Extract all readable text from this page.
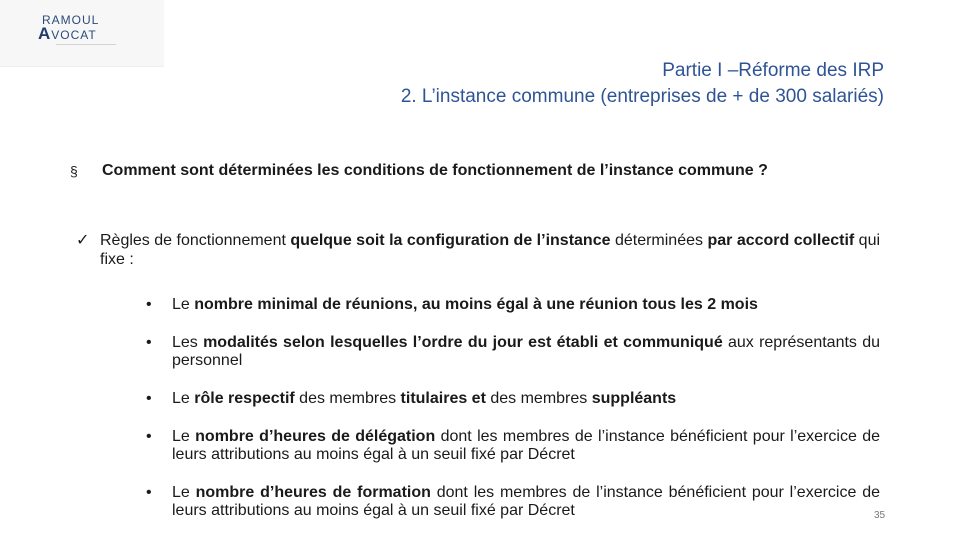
RAMOUL
AVOCAT
Partie I –Réforme des IRP
2. L’instance commune (entreprises de + de 300 salariés)
§	Comment sont déterminées les conditions de fonctionnement de l’instance commune ?
✓ Règles de fonctionnement quelque soit la configuration de l’instance déterminées par accord collectif qui fixe :
• Le nombre minimal de réunions, au moins égal à une réunion tous les 2 mois
• Les modalités selon lesquelles l’ordre du jour est établi et communiqué aux représentants du personnel
• Le rôle respectif des membres titulaires et des membres suppléants
• Le nombre d’heures de délégation dont les membres de l’instance bénéficient pour l’exercice de leurs attributions au moins égal à un seuil fixé par Décret
• Le nombre d’heures de formation dont les membres de l’instance bénéficient pour l’exercice de leurs attributions au moins égal à un seuil fixé par Décret	35
